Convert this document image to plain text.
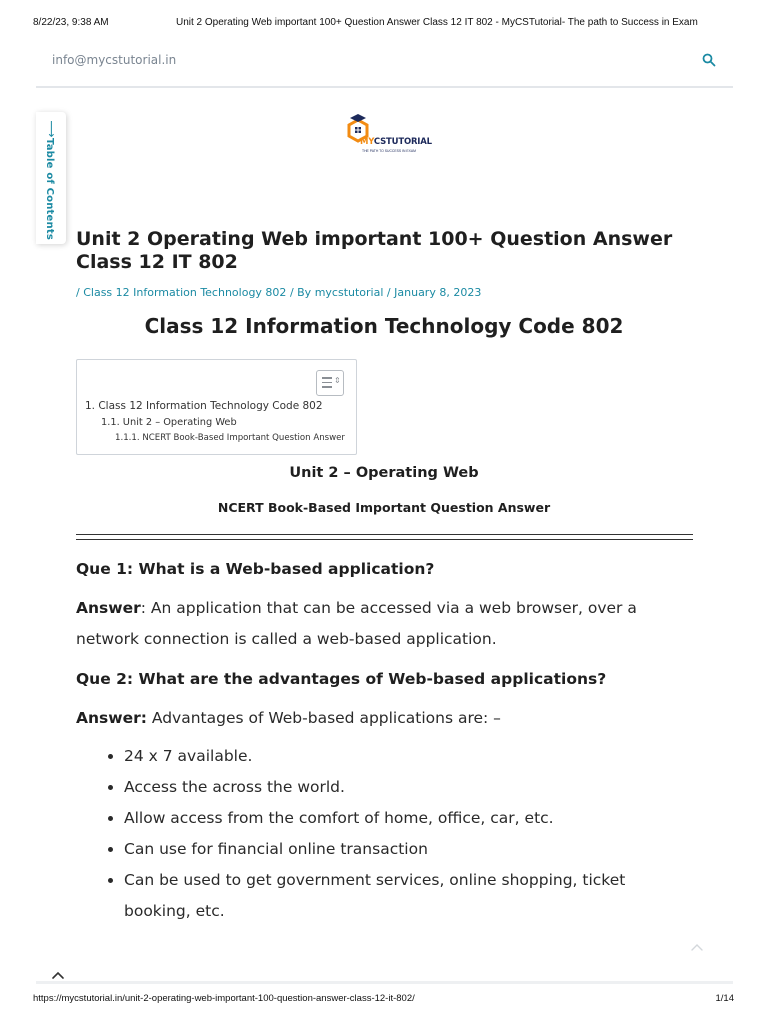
8/22/23, 9:38 AM	Unit 2 Operating Web important 100+ Question Answer Class 12 IT 802 - MyCSTutorial- The path to Success in Exam
info@mycstutorial.in
⟶
Table of Contents	MYCSTUTORIAL
THE PATH TO SUCCESS IN EXAM
Unit 2 Operating Web important 100+ Question Answer Class 12 IT 802
/ Class 12 Information Technology 802 / By mycstutorial / January 8, 2023
Class 12 Information Technology Code 802
⇕
1. Class 12 Information Technology Code 802
1.1. Unit 2 – Operating Web
1.1.1. NCERT Book-Based Important Question Answer
Unit 2 – Operating Web
NCERT Book-Based Important Question Answer

Que 1: What is a Web-based application?

Answer: An application that can be accessed via a web browser, over a network connection is called a web-based application.

Que 2: What are the advantages of Web-based applications?

Answer: Advantages of Web-based applications are: –

• 24 x 7 available.
• Access the across the world.
• Allow access from the comfort of home, office, car, etc.
• Can use for financial online transaction
• Can be used to get government services, online shopping, ticket booking, etc.
https://mycstutorial.in/unit-2-operating-web-important-100-question-answer-class-12-it-802/	1/14
